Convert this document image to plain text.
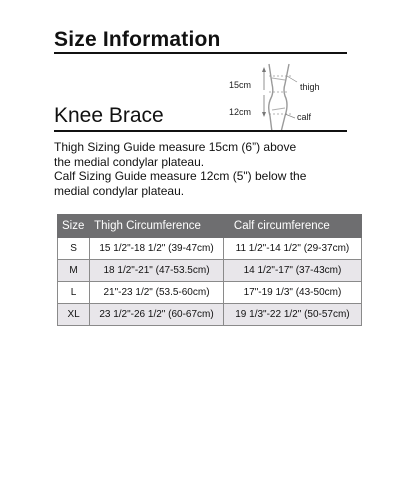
Size Information
15cm
12cm
thigh
calf
Knee Brace
Thigh Sizing Guide measure 15cm (6”) above
the medial condylar plateau.
Calf Sizing Guide measure 12cm (5") below the
medial condylar plateau.
Size	Thigh Circumference	Calf circumference
S	15 1/2"-18 1/2" (39-47cm)	11 1/2"-14 1/2" (29-37cm)
M	18 1/2"-21" (47-53.5cm)	14 1/2"-17" (37-43cm)
L	21"-23 1/2" (53.5-60cm)	17"-19 1/3" (43-50cm)
XL	23 1/2"-26 1/2" (60-67cm)	19 1/3"-22 1/2" (50-57cm)
